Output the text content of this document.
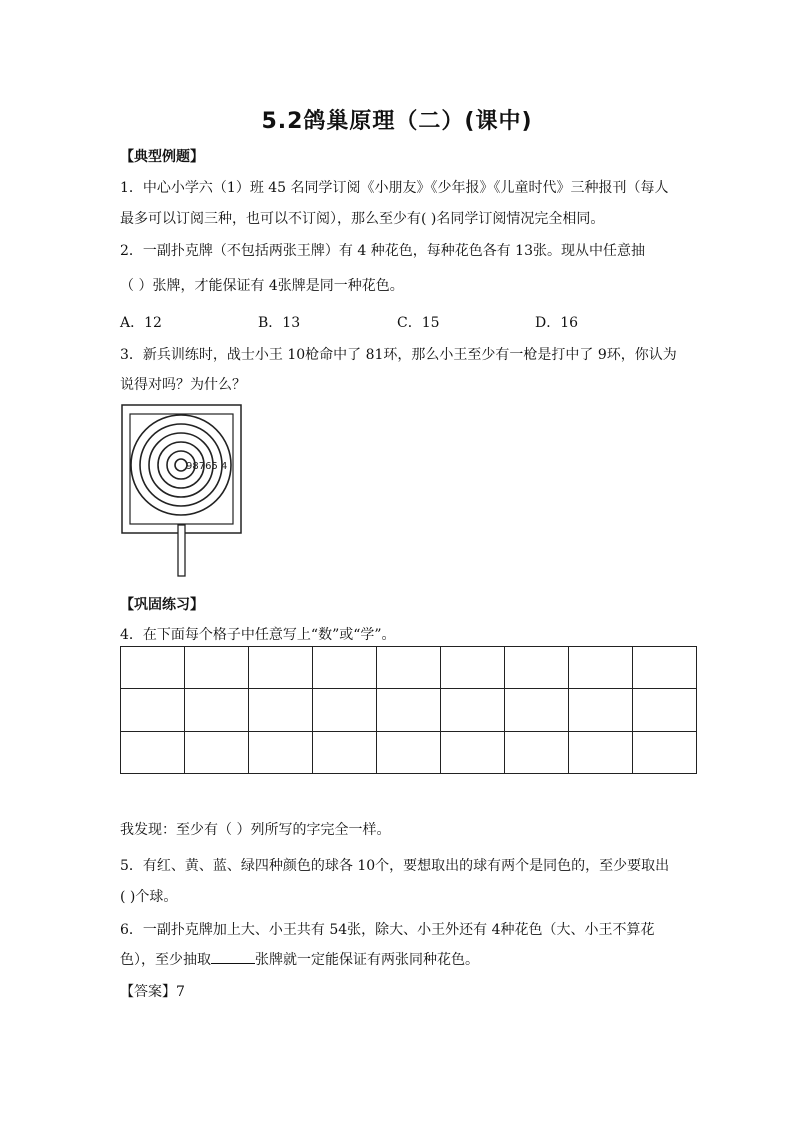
5.2鸽巢原理（二）(课中)
【典型例题】
1．中心小学六（1）班 45 名同学订阅《小朋友》《少年报》《儿童时代》三种报刊（每人
最多可以订阅三种，也可以不订阅），那么至少有( )名同学订阅情况完全相同。
2．一副扑克牌（不包括两张王牌）有 4 种花色，每种花色各有 13张。现从中任意抽
（ ）张牌，才能保证有 4张牌是同一种花色。
A．12	B．13	C．15	D．16
3．新兵训练时，战士小王 10枪命中了 81环，那么小王至少有一枪是打中了 9环，你认为
说得对吗？为什么？
98765 4
【巩固练习】
4．在下面每个格子中任意写上“数”或“学”。

我发现：至少有（ ）列所写的字完全一样。
5．有红、黄、蓝、绿四种颜色的球各 10个，要想取出的球有两个是同色的，至少要取出
( )个球。
6．一副扑克牌加上大、小王共有 54张，除大、小王外还有 4种花色（大、小王不算花
色），至少抽取	张牌就一定能保证有两张同种花色。
【答案】7
